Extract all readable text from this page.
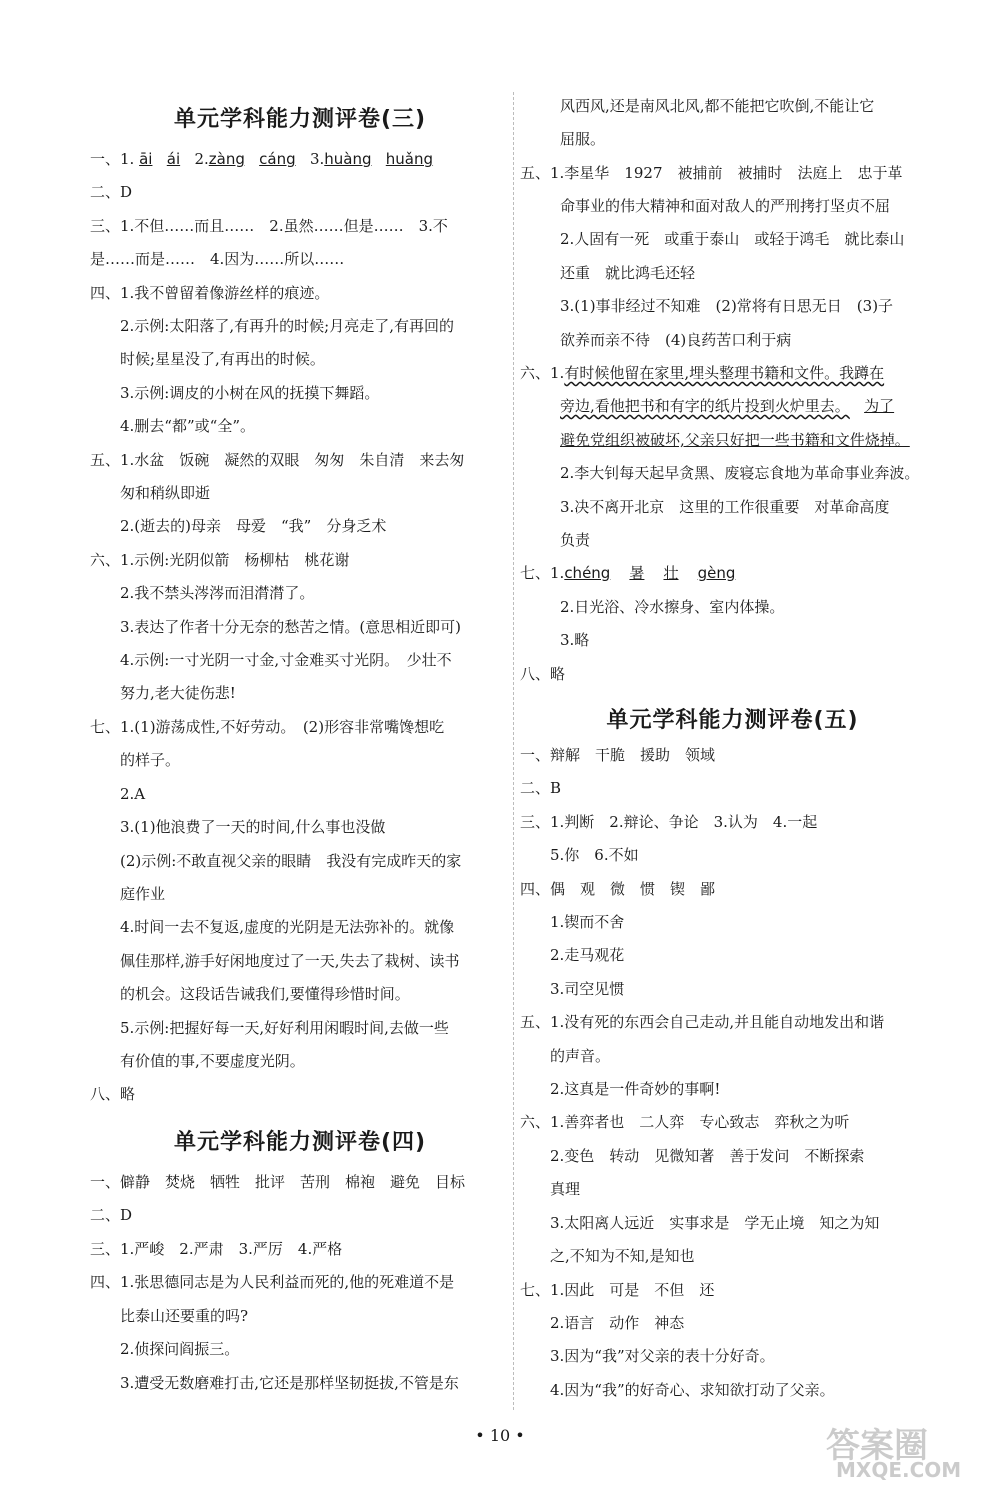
单元学科能力测评卷(三)
一、1. āi ái 2.zàng cáng 3.huàng huǎng
二、D
三、1.不但……而且……　2.虽然……但是……　3.不
是……而是……　4.因为……所以……
四、1.我不曾留着像游丝样的痕迹。
2.示例:太阳落了,有再升的时候;月亮走了,有再回的
时候;星星没了,有再出的时候。
3.示例:调皮的小树在风的抚摸下舞蹈。
4.删去“都”或“全”。
五、1.水盆　饭碗　凝然的双眼　匆匆　朱自清　来去匆
匆和稍纵即逝
2.(逝去的)母亲　母爱　“我”　分身乏术
六、1.示例:光阴似箭　杨柳枯　桃花谢
2.我不禁头涔涔而泪潸潸了。
3.表达了作者十分无奈的愁苦之情。(意思相近即可)
4.示例:一寸光阴一寸金,寸金难买寸光阴。　少壮不
努力,老大徒伤悲!
七、1.(1)游荡成性,不好劳动。　(2)形容非常嘴馋想吃
的样子。
2.A
3.(1)他浪费了一天的时间,什么事也没做
(2)示例:不敢直视父亲的眼睛　我没有完成昨天的家
庭作业
4.时间一去不复返,虚度的光阴是无法弥补的。就像
佩佳那样,游手好闲地度过了一天,失去了栽树、读书
的机会。这段话告诫我们,要懂得珍惜时间。
5.示例:把握好每一天,好好利用闲暇时间,去做一些
有价值的事,不要虚度光阴。
八、略
单元学科能力测评卷(四)
一、僻静　焚烧　牺牲　批评　苦刑　棉袍　避免　目标
二、D
三、1.严峻　2.严肃　3.严厉　4.严格
四、1.张思德同志是为人民利益而死的,他的死难道不是
比泰山还要重的吗?
2.侦探问阎振三。
3.遭受无数磨难打击,它还是那样坚韧挺拔,不管是东
风西风,还是南风北风,都不能把它吹倒,不能让它
屈服。
五、1.李星华　1927　被捕前　被捕时　法庭上　忠于革
命事业的伟大精神和面对敌人的严刑拷打坚贞不屈
2.人固有一死　或重于泰山　或轻于鸿毛　就比泰山
还重　就比鸿毛还轻
3.(1)事非经过不知难　(2)常将有日思无日　(3)子
欲养而亲不待　(4)良药苦口利于病
六、1.有时候他留在家里,埋头整理书籍和文件。我蹲在
旁边,看他把书和有字的纸片投到火炉里去。 为了
避免党组织被破坏,父亲只好把一些书籍和文件烧掉。
2.李大钊每天起早贪黑、废寝忘食地为革命事业奔波。
3.决不离开北京　这里的工作很重要　对革命高度
负责
七、1.chéng 暑 壮 gèng
2.日光浴、冷水擦身、室内体操。
3.略
八、略
单元学科能力测评卷(五)
一、辩解　干脆　援助　领域
二、B
三、1.判断　2.辩论、争论　3.认为　4.一起
5.你　6.不如
四、偶　观　微　惯　锲　鄙
1.锲而不舍
2.走马观花
3.司空见惯
五、1.没有死的东西会自己走动,并且能自动地发出和谐
的声音。
2.这真是一件奇妙的事啊!
六、1.善弈者也　二人弈　专心致志　弈秋之为听
2.变色　转动　见微知著　善于发问　不断探索
真理
3.太阳离人远近　实事求是　学无止境　知之为知
之,不知为不知,是知也
七、1.因此　可是　不但　还
2.语言　动作　神态
3.因为“我”对父亲的表十分好奇。
4.因为“我”的好奇心、求知欲打动了父亲。
• 10 •	答案圈
MXQE.COM
